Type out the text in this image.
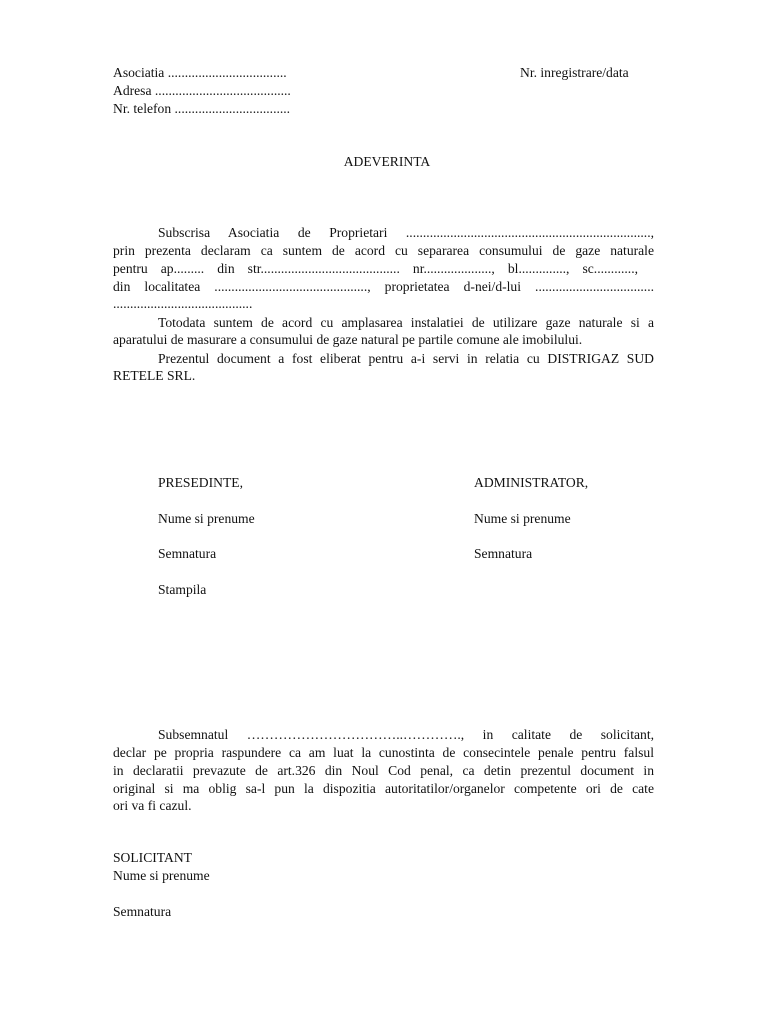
Asociatia ...................................
Adresa ........................................
Nr. telefon ..................................
Nr. inregistrare/data
ADEVERINTA
Subscrisa Asociatia de Proprietari ........................................................................,
prin prezenta declaram ca suntem de acord cu separarea consumului de gaze naturale
pentru ap......... din str......................................... nr...................., bl.............., sc............,
din localitatea ............................................., proprietatea d-nei/d-lui ...................................
.........................................
Totodata suntem de acord cu amplasarea instalatiei de utilizare gaze naturale si a
aparatului de masurare a consumului de gaze natural pe partile comune ale imobilului.
Prezentul document a fost eliberat pentru a-i servi in relatia cu DISTRIGAZ SUD
RETELE SRL.
PRESEDINTE,	ADMINISTRATOR,
Nume si prenume	Nume si prenume
Semnatura	Semnatura
Stampila
Subsemnatul ……………………………..…………., in calitate de solicitant,
declar pe propria raspundere ca am luat la cunostinta de consecintele penale pentru falsul
in declaratii prevazute de art.326 din Noul Cod penal, ca detin prezentul document in
original si ma oblig sa-l pun la dispozitia autoritatilor/organelor competente ori de cate
ori va fi cazul.
SOLICITANT
Nume si prenume
Semnatura
